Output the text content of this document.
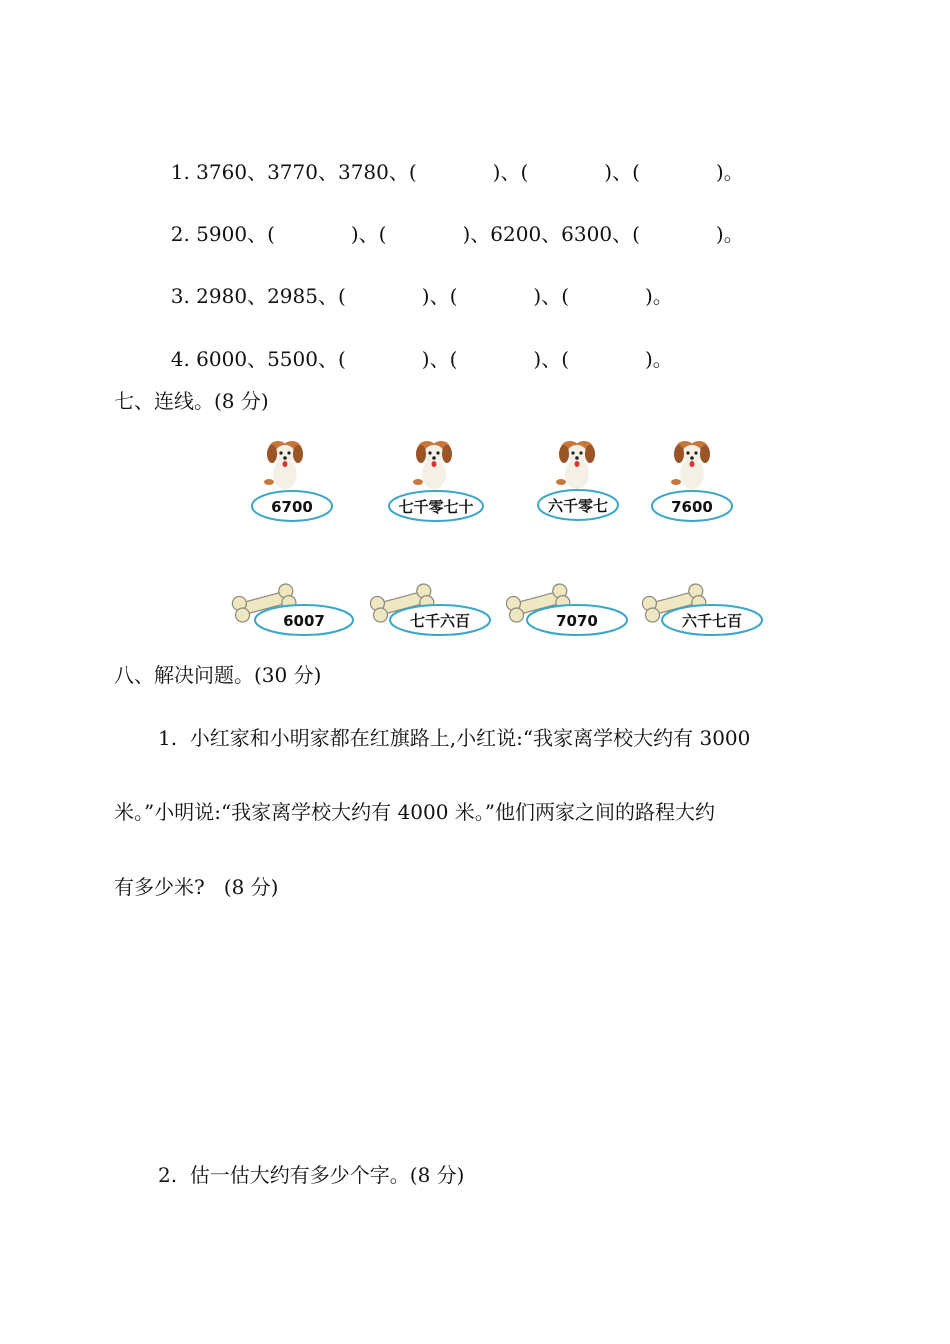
1. 3760、3770、3780、(	)、(	)、(	)。

2. 5900、(	)、(	)、6200、6300、(	)。

3. 2980、2985、(	)、(	)、(	)。

4. 6000、5500、(	)、(	)、(	)。

七、连线。(8 分)
6700	七千零七十	六千零七	7600
6007	七千六百	7070	六千七百
八、解决问题。(30 分)
1.  小红家和小明家都在红旗路上,小红说:“我家离学校大约有 3000
米。”小明说:“我家离学校大约有 4000 米。”他们两家之间的路程大约
有多少米?   (8 分)
2.  估一估大约有多少个字。(8 分)
